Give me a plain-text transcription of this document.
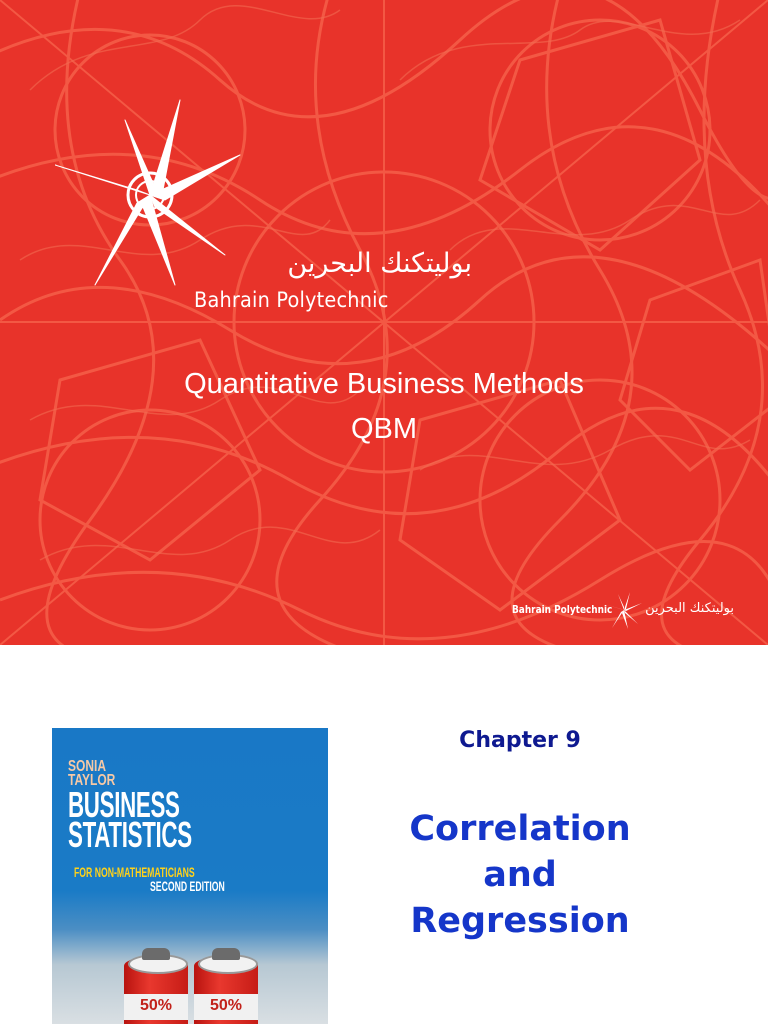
بوليتكنك البحرين
Bahrain Polytechnic
Quantitative Business Methods
QBM
Bahrain Polytechnic	بوليتكنك البحرين
SONIA
TAYLOR
BUSINESS
STATISTICS
FOR NON-MATHEMATICIANS
SECOND EDITION
50%	50%
Chapter 9
Correlation
and
Regression
